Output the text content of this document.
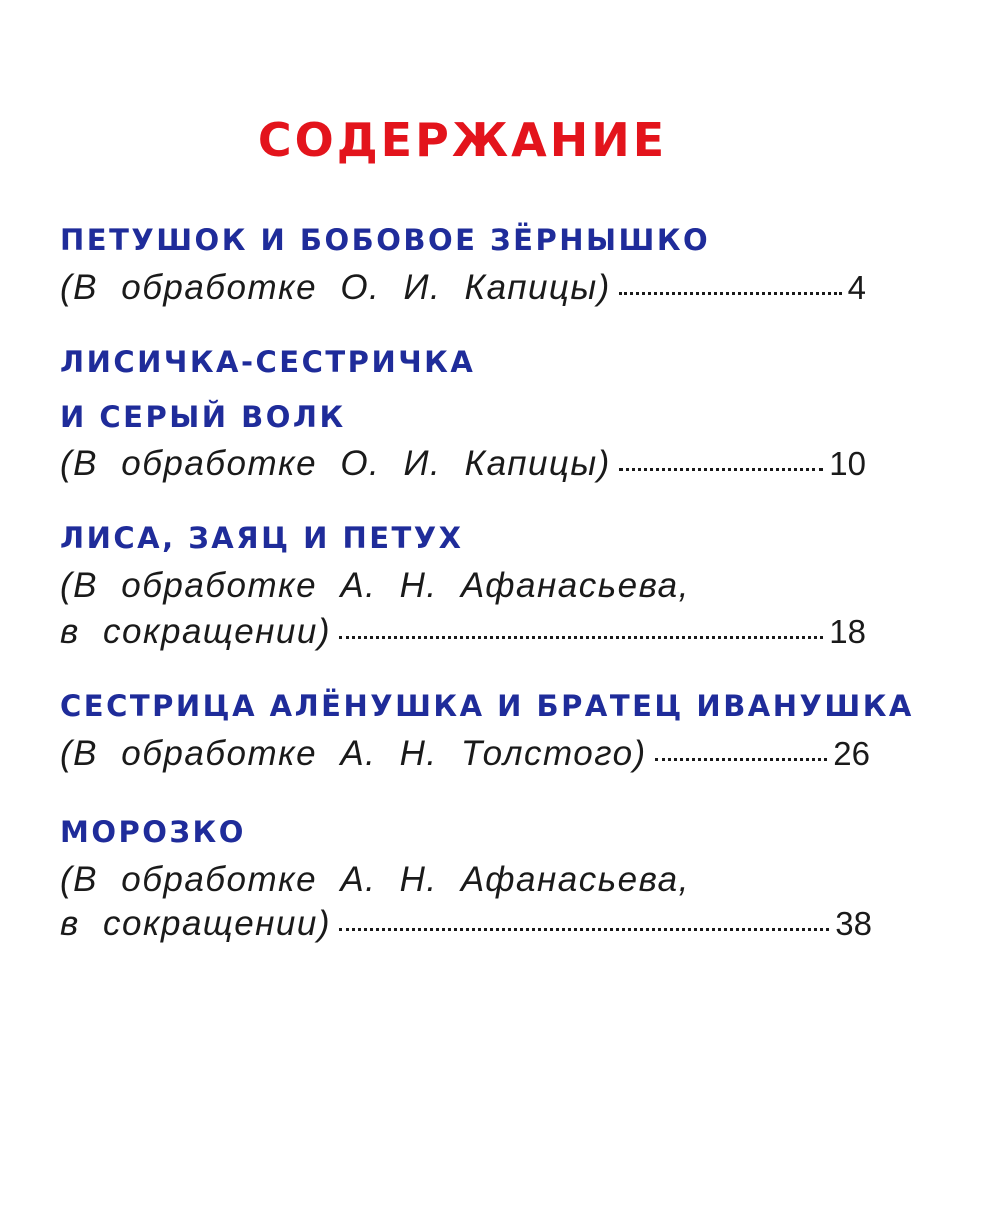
СОДЕРЖАНИЕ
ПЕТУШОК И БОБОВОЕ ЗЁРНЫШКО
(В обработке О. И. Капицы)	4
ЛИСИЧКА-СЕСТРИЧКА
И СЕРЫЙ ВОЛК
(В обработке О. И. Капицы)	10
ЛИСА, ЗАЯЦ И ПЕТУХ
(В обработке А. Н. Афанасьева,
в сокращении)	18
СЕСТРИЦА АЛЁНУШКА И БРАТЕЦ ИВАНУШКА
(В обработке А. Н. Толстого)	26
МОРОЗКО
(В обработке А. Н. Афанасьева,
в сокращении)	38
